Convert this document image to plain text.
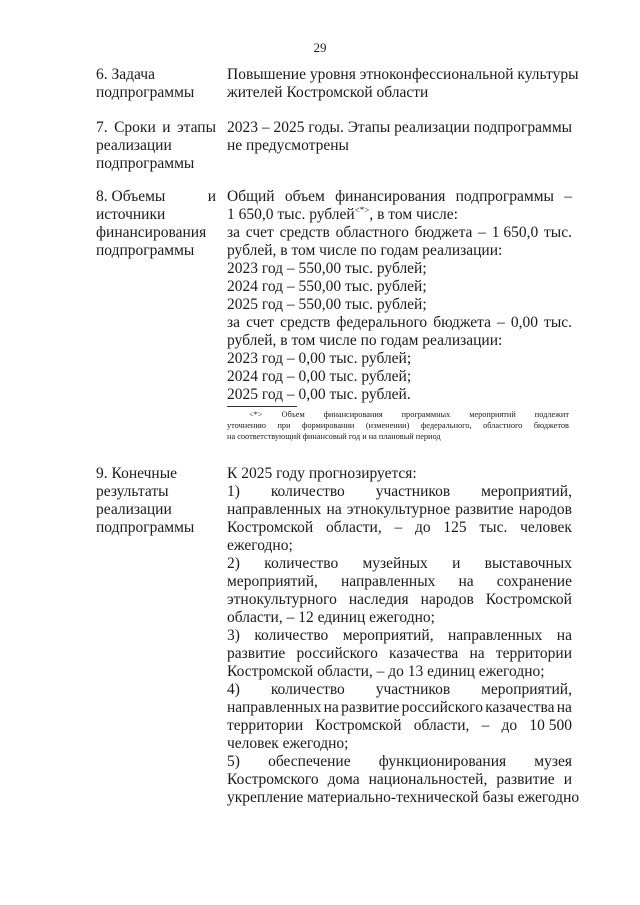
29
6. Задача
подпрограммы
Повышение уровня этноконфессиональной культуры
жителей Костромской области
7. Сроки и этапы
реализации
подпрограммы
2023 – 2025 годы. Этапы реализации подпрограммы
не предусмотрены
8. Объемы	и
источники
финансирования
подпрограммы
Общий объем финансирования подпрограммы –
1 650,0 тыс. рублей<*>, в том числе:
за счет средств областного бюджета – 1 650,0 тыс.
рублей, в том числе по годам реализации:
2023 год – 550,00 тыс. рублей;
2024 год – 550,00 тыс. рублей;
2025 год – 550,00 тыс. рублей;
за счет средств федерального бюджета – 0,00 тыс.
рублей, в том числе по годам реализации:
2023 год – 0,00 тыс. рублей;
2024 год – 0,00 тыс. рублей;
2025 год – 0,00 тыс. рублей.
<*> Объем финансирования программных мероприятий подлежит
уточнению при формировании (изменении) федерального, областного бюджетов
на соответствующий финансовый год и на плановый период
9. Конечные
результаты
реализации
подпрограммы
К 2025 году прогнозируется:
1) количество участников мероприятий,
направленных на этнокультурное развитие народов
Костромской области, – до 125 тыс. человек
ежегодно;
2) количество музейных и выставочных
мероприятий, направленных на сохранение
этнокультурного наследия народов Костромской
области, – 12 единиц ежегодно;
3) количество мероприятий, направленных на
развитие российского казачества на территории
Костромской области, – до 13 единиц ежегодно;
4) количество участников мероприятий,
направленных на развитие российского казачества на
территории Костромской области, – до 10 500
человек ежегодно;
5) обеспечение функционирования музея
Костромского дома национальностей, развитие и
укрепление материально-технической базы ежегодно
